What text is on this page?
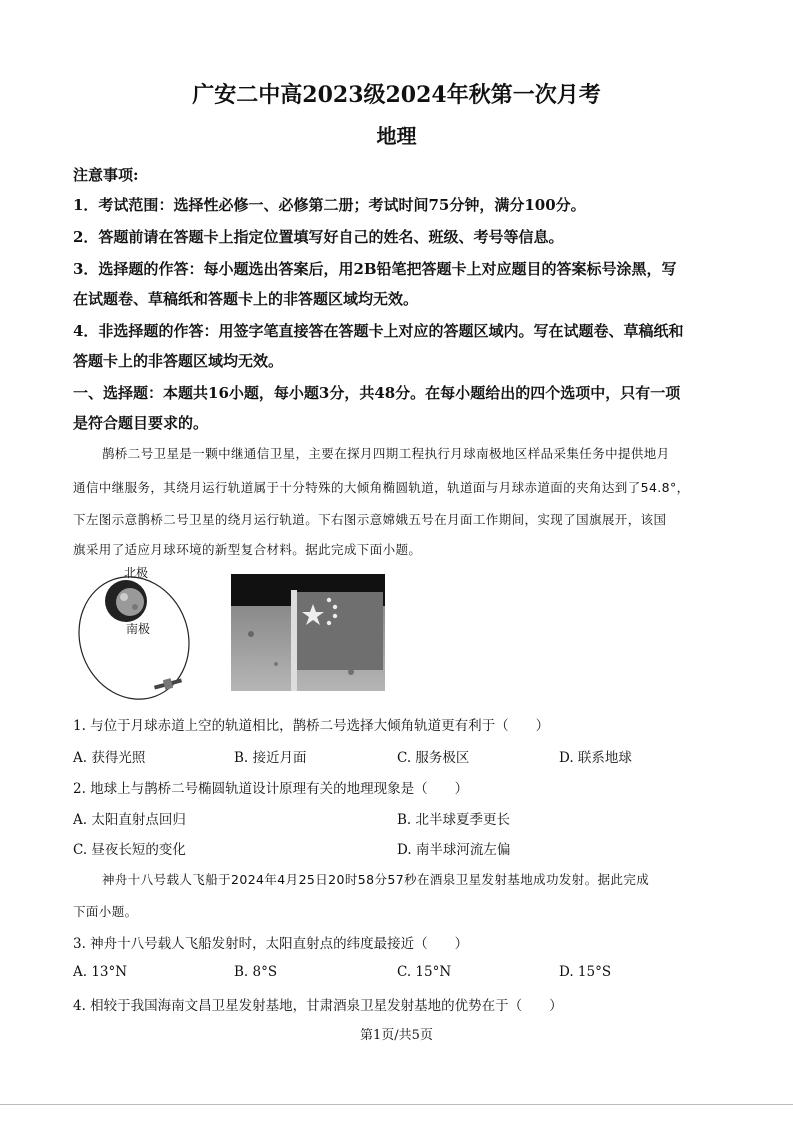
广安二中高2023级2024年秋第一次月考
地理
注意事项:
1．考试范围：选择性必修一、必修第二册；考试时间75分钟，满分100分。
2．答题前请在答题卡上指定位置填写好自己的姓名、班级、考号等信息。
3．选择题的作答：每小题选出答案后，用2B铅笔把答题卡上对应题目的答案标号涂黑，写
在试题卷、草稿纸和答题卡上的非答题区域均无效。
4．非选择题的作答：用签字笔直接答在答题卡上对应的答题区域内。写在试题卷、草稿纸和
答题卡上的非答题区域均无效。
一、选择题：本题共16小题，每小题3分，共48分。在每小题给出的四个选项中，只有一项
是符合题目要求的。
鹊桥二号卫星是一颗中继通信卫星，主要在探月四期工程执行月球南极地区样品采集任务中提供地月
通信中继服务，其绕月运行轨道属于十分特殊的大倾角椭圆轨道，轨道面与月球赤道面的夹角达到了54.8°，
下左图示意鹊桥二号卫星的绕月运行轨道。下右图示意嫦娥五号在月面工作期间，实现了国旗展开，该国
旗采用了适应月球环境的新型复合材料。据此完成下面小题。
北极
南极
1. 与位于月球赤道上空的轨道相比，鹊桥二号选择大倾角轨道更有利于（　　）
A. 获得光照	B. 接近月面	C. 服务极区	D. 联系地球
2. 地球上与鹊桥二号椭圆轨道设计原理有关的地理现象是（　　）
A. 太阳直射点回归	B. 北半球夏季更长
C. 昼夜长短的变化	D. 南半球河流左偏
神舟十八号载人飞船于2024年4月25日20时58分57秒在酒泉卫星发射基地成功发射。据此完成
下面小题。
3. 神舟十八号载人飞船发射时，太阳直射点的纬度最接近（　　）
A. 13°N	B. 8°S	C. 15°N	D. 15°S
4. 相较于我国海南文昌卫星发射基地，甘肃酒泉卫星发射基地的优势在于（　　）
第1页/共5页
